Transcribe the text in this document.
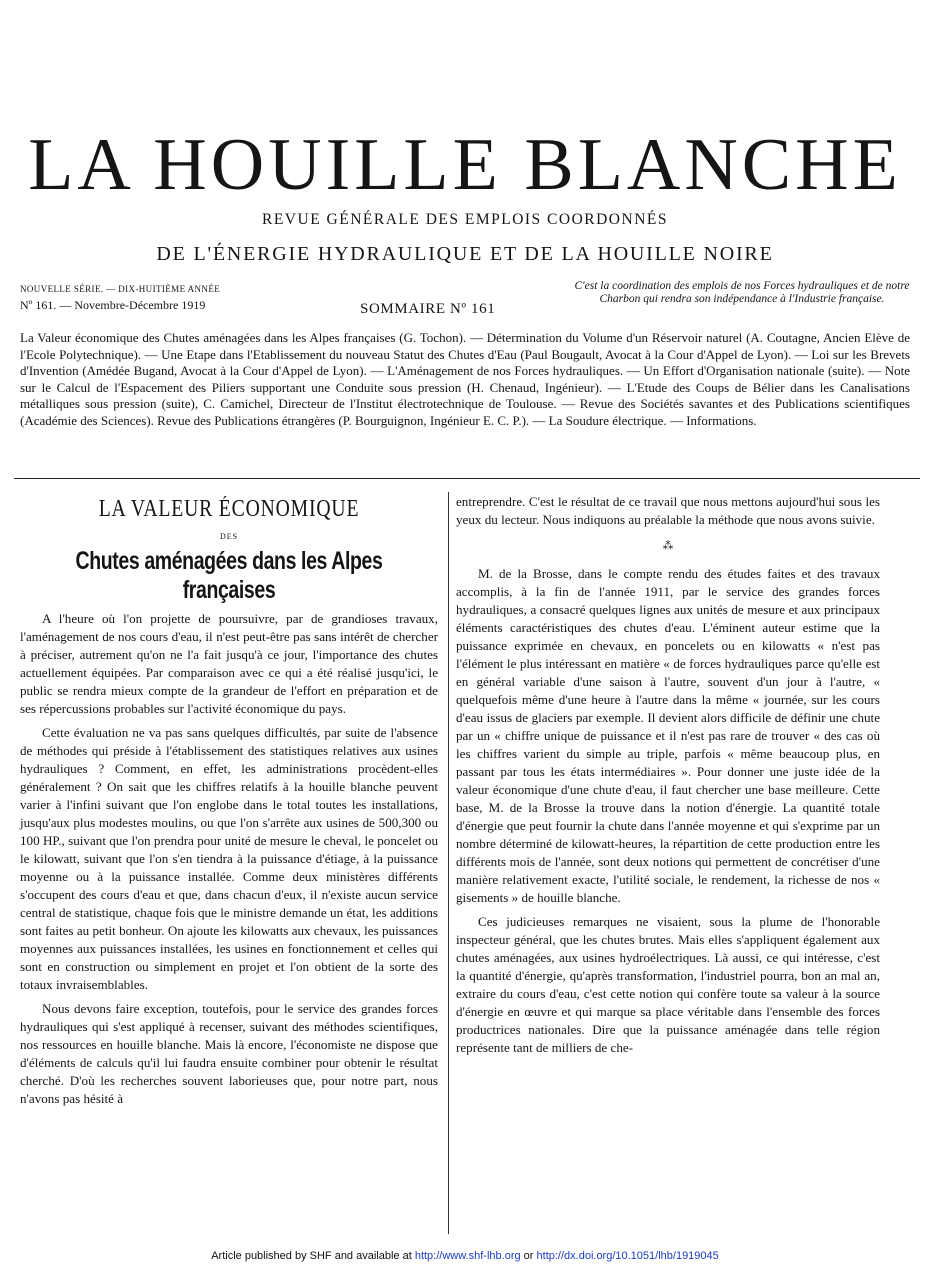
LA HOUILLE BLANCHE
REVUE GÉNÉRALE DES EMPLOIS COORDONNÉS
DE L'ÉNERGIE HYDRAULIQUE ET DE LA HOUILLE NOIRE
NOUVELLE SÉRIE. — DIX-HUITIÈME ANNÉE
Nº 161. — Novembre-Décembre 1919	SOMMAIRE Nº 161
C'est la coordination des emplois de nos Forces hydrauliques et de notre Charbon qui rendra son indépendance à l'Industrie française.
La Valeur économique des Chutes aménagées dans les Alpes françaises (G. Tochon). — Détermination du Volume d'un Réservoir naturel (A. Coutagne, Ancien Elève de l'Ecole Polytechnique). — Une Etape dans l'Etablissement du nouveau Statut des Chutes d'Eau (Paul Bougault, Avocat à la Cour d'Appel de Lyon). — Loi sur les Brevets d'Invention (Amédée Bugand, Avocat à la Cour d'Appel de Lyon). — L'Aménagement de nos Forces hydrauliques. — Un Effort d'Organisation nationale (suite). — Note sur le Calcul de l'Espacement des Piliers supportant une Conduite sous pression (H. Chenaud, Ingénieur). — L'Etude des Coups de Bélier dans les Canalisations métalliques sous pression (suite), C. Camichel, Directeur de l'Institut électrotechnique de Toulouse. — Revue des Sociétés savantes et des Publications scientifiques (Académie des Sciences). Revue des Publications étrangères (P. Bourguignon, Ingénieur E. C. P.). — La Soudure électrique. — Informations.
LA VALEUR ÉCONOMIQUE
DES
Chutes aménagées dans les Alpes françaises

A l'heure où l'on projette de poursuivre, par de grandioses travaux, l'aménagement de nos cours d'eau, il n'est peut-être pas sans intérêt de chercher à préciser, autrement qu'on ne l'a fait jusqu'à ce jour, l'importance des chutes actuellement équipées. Par comparaison avec ce qui a été réalisé jusqu'ici, le public se rendra mieux compte de la grandeur de l'effort en préparation et de ses répercussions probables sur l'activité économique du pays.

Cette évaluation ne va pas sans quelques difficultés, par suite de l'absence de méthodes qui préside à l'établissement des statistiques relatives aux usines hydrauliques ? Comment, en effet, les administrations procèdent-elles généralement ? On sait que les chiffres relatifs à la houille blanche peuvent varier à l'infini suivant que l'on englobe dans le total toutes les installations, jusqu'aux plus modestes moulins, ou que l'on s'arrête aux usines de 500,300 ou 100 HP., suivant que l'on prendra pour unité de mesure le cheval, le poncelet ou le kilowatt, suivant que l'on s'en tiendra à la puissance d'étiage, à la puissance moyenne ou à la puissance installée. Comme deux ministères différents s'occupent des cours d'eau et que, dans chacun d'eux, il n'existe aucun service central de statistique, chaque fois que le ministre demande un état, les additions sont faites au petit bonheur. On ajoute les kilowatts aux chevaux, les puissances moyennes aux puissances installées, les usines en fonctionnement et celles qui sont en construction ou simplement en projet et l'on obtient de la sorte des totaux invraisemblables.

Nous devons faire exception, toutefois, pour le service des grandes forces hydrauliques qui s'est appliqué à recenser, suivant des méthodes scientifiques, nos ressources en houille blanche. Mais là encore, l'économiste ne dispose que d'éléments de calculs qu'il lui faudra ensuite combiner pour obtenir le résultat cherché. D'où les recherches souvent laborieuses que, pour notre part, nous n'avons pas hésité à

entreprendre. C'est le résultat de ce travail que nous mettons aujourd'hui sous les yeux du lecteur. Nous indiquons au préalable la méthode que nous avons suivie.

⁂

M. de la Brosse, dans le compte rendu des études faites et des travaux accomplis, à la fin de l'année 1911, par le service des grandes forces hydrauliques, a consacré quelques lignes aux unités de mesure et aux principaux éléments caractéristiques des chutes d'eau. L'éminent auteur estime que la puissance exprimée en chevaux, en poncelets ou en kilowatts « n'est pas l'élément le plus intéressant en matière « de forces hydrauliques parce qu'elle est en général variable d'une saison à l'autre, souvent d'un jour à l'autre, « quelquefois même d'une heure à l'autre dans la même « journée, sur les cours d'eau issus de glaciers par exemple. Il devient alors difficile de définir une chute par un « chiffre unique de puissance et il n'est pas rare de trouver « des cas où les chiffres varient du simple au triple, parfois « même beaucoup plus, en passant par tous les états intermédiaires ». Pour donner une juste idée de la valeur économique d'une chute d'eau, il faut chercher une base meilleure. Cette base, M. de la Brosse la trouve dans la notion d'énergie. La quantité totale d'énergie que peut fournir la chute dans l'année moyenne et qui s'exprime par un nombre déterminé de kilowatt-heures, la répartition de cette production entre les différents mois de l'année, sont deux notions qui permettent de concrétiser d'une manière relativement exacte, l'utilité sociale, le rendement, la richesse de nos « gisements » de houille blanche.

Ces judicieuses remarques ne visaient, sous la plume de l'honorable inspecteur général, que les chutes brutes. Mais elles s'appliquent également aux chutes aménagées, aux usines hydroélectriques. Là aussi, ce qui intéresse, c'est la quantité d'énergie, qu'après transformation, l'industriel pourra, bon an mal an, extraire du cours d'eau, c'est cette notion qui confère toute sa valeur à la source d'énergie en œuvre et qui marque sa place véritable dans l'ensemble des forces productrices nationales. Dire que la puissance aménagée dans telle région représente tant de milliers de che-

Article published by SHF and available at http://www.shf-lhb.org or http://dx.doi.org/10.1051/lhb/1919045
